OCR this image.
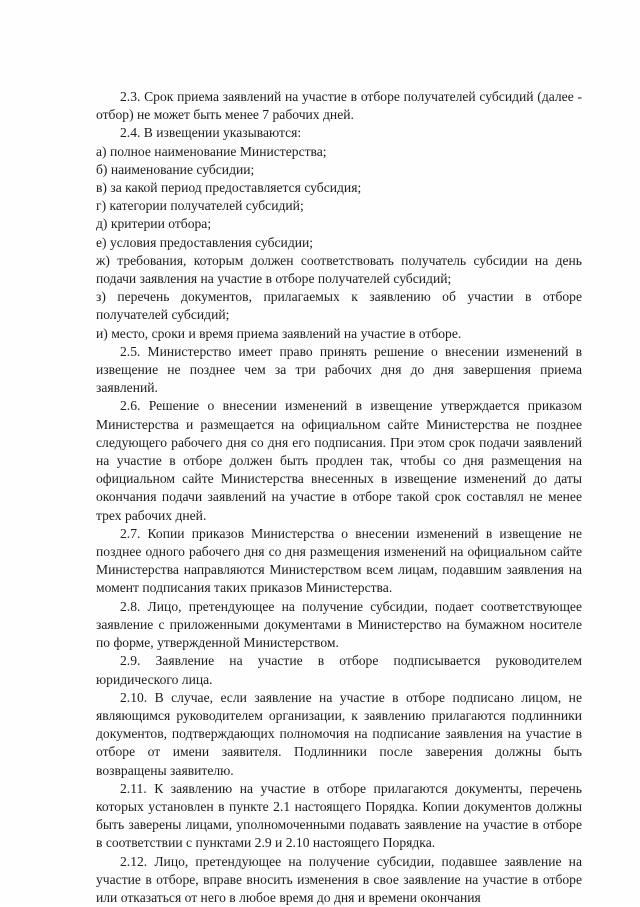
2.3. Срок приема заявлений на участие в отборе получателей субсидий (далее - отбор) не может быть менее 7 рабочих дней.

2.4. В извещении указываются:

а) полное наименование Министерства;

б) наименование субсидии;

в) за какой период предоставляется субсидия;

г) категории получателей субсидий;

д) критерии отбора;

е) условия предоставления субсидии;

ж) требования, которым должен соответствовать получатель субсидии на день подачи заявления на участие в отборе получателей субсидий;

з) перечень документов, прилагаемых к заявлению об участии в отборе получателей субсидий;

и) место, сроки и время приема заявлений на участие в отборе.

2.5. Министерство имеет право принять решение о внесении изменений в извещение не позднее чем за три рабочих дня до дня завершения приема заявлений.

2.6. Решение о внесении изменений в извещение утверждается приказом Министерства и размещается на официальном сайте Министерства не позднее следующего рабочего дня со дня его подписания. При этом срок подачи заявлений на участие в отборе должен быть продлен так, чтобы со дня размещения на официальном сайте Министерства внесенных в извещение изменений до даты окончания подачи заявлений на участие в отборе такой срок составлял не менее трех рабочих дней.

2.7. Копии приказов Министерства о внесении изменений в извещение не позднее одного рабочего дня со дня размещения изменений на официальном сайте Министерства направляются Министерством всем лицам, подавшим заявления на момент подписания таких приказов Министерства.

2.8. Лицо, претендующее на получение субсидии, подает соответствующее заявление с приложенными документами в Министерство на бумажном носителе по форме, утвержденной Министерством.

2.9. Заявление на участие в отборе подписывается руководителем юридического лица.

2.10. В случае, если заявление на участие в отборе подписано лицом, не являющимся руководителем организации, к заявлению прилагаются подлинники документов, подтверждающих полномочия на подписание заявления на участие в отборе от имени заявителя. Подлинники после заверения должны быть возвращены заявителю.

2.11. К заявлению на участие в отборе прилагаются документы, перечень которых установлен в пункте 2.1 настоящего Порядка. Копии документов должны быть заверены лицами, уполномоченными подавать заявление на участие в отборе в соответствии с пунктами 2.9 и 2.10 настоящего Порядка.

2.12. Лицо, претендующее на получение субсидии, подавшее заявление на участие в отборе, вправе вносить изменения в свое заявление на участие в отборе или отказаться от него в любое время до дня и времени окончания
